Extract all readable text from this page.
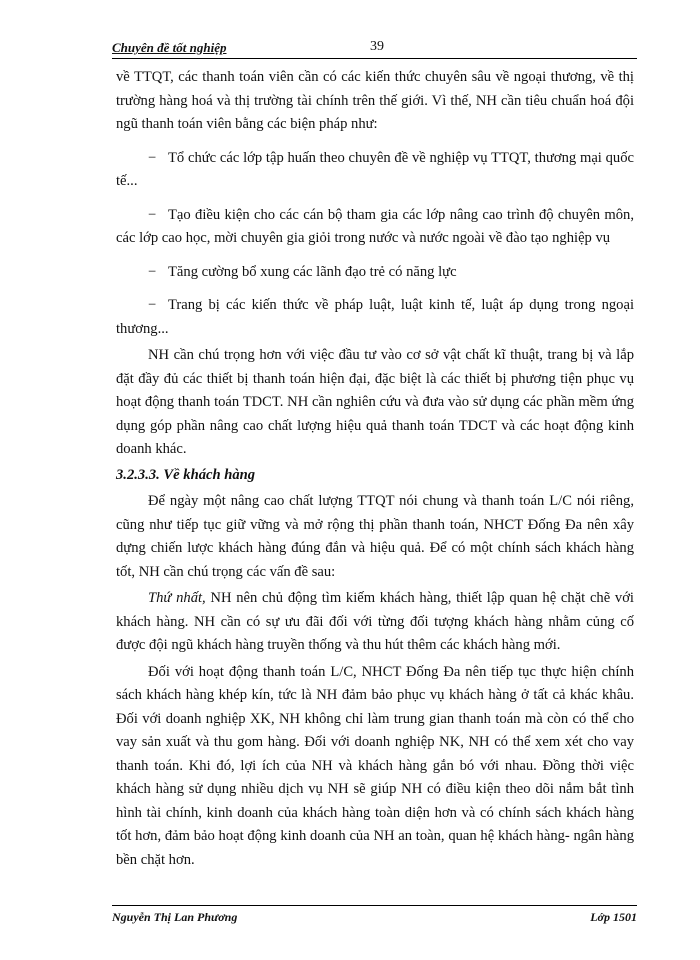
Chuyên đề tốt nghiệp	39

về TTQT, các thanh toán viên cần có các kiến thức chuyên sâu về ngoại thương, về thị trường hàng hoá và thị trường tài chính trên thế giới. Vì thế, NH cần tiêu chuẩn hoá đội ngũ thanh toán viên bằng các biện pháp như:

− Tổ chức các lớp tập huấn theo chuyên đề về nghiệp vụ TTQT, thương mại quốc tế...

− Tạo điều kiện cho các cán bộ tham gia các lớp nâng cao trình độ chuyên môn, các lớp cao học, mời chuyên gia giỏi trong nước và nước ngoài về đào tạo nghiệp vụ

− Tăng cường bổ xung các lãnh đạo trẻ có năng lực

− Trang bị các kiến thức về pháp luật, luật kinh tế, luật áp dụng trong ngoại thương...

NH cần chú trọng hơn với việc đầu tư vào cơ sở vật chất kĩ thuật, trang bị và lắp đặt đầy đủ các thiết bị thanh toán hiện đại, đặc biệt là các thiết bị phương tiện phục vụ hoạt động thanh toán TDCT. NH cần nghiên cứu và đưa vào sử dụng các phần mềm ứng dụng góp phần nâng cao chất lượng hiệu quả thanh toán TDCT và các hoạt động kinh doanh khác.

3.2.3.3. Về khách hàng

Để ngày một nâng cao chất lượng TTQT nói chung và thanh toán L/C nói riêng, cũng như tiếp tục giữ vững và mở rộng thị phần thanh toán, NHCT Đống Đa nên xây dựng chiến lược khách hàng đúng đắn và hiệu quả. Để có một chính sách khách hàng tốt, NH cần chú trọng các vấn đề sau:

Thứ nhất, NH nên chủ động tìm kiếm khách hàng, thiết lập quan hệ chặt chẽ với khách hàng. NH cần có sự ưu đãi đối với từng đối tượng khách hàng nhằm củng cố được đội ngũ khách hàng truyền thống và thu hút thêm các khách hàng mới.

Đối với hoạt động thanh toán L/C, NHCT Đống Đa nên tiếp tục thực hiện chính sách khách hàng khép kín, tức là NH đảm bảo phục vụ khách hàng ở tất cả khác khâu. Đối với doanh nghiệp XK, NH không chỉ làm trung gian thanh toán mà còn có thể cho vay sản xuất và thu gom hàng. Đối với doanh nghiệp NK, NH có thể xem xét cho vay thanh toán. Khi đó, lợi ích của NH và khách hàng gắn bó với nhau. Đồng thời việc khách hàng sử dụng nhiều dịch vụ NH sẽ giúp NH có điều kiện theo dõi nắm bắt tình hình tài chính, kinh doanh của khách hàng toàn diện hơn và có chính sách khách hàng tốt hơn, đảm bảo hoạt động kinh doanh của NH an toàn, quan hệ khách hàng- ngân hàng bền chặt hơn.

Nguyễn Thị Lan Phương	Lớp 1501
